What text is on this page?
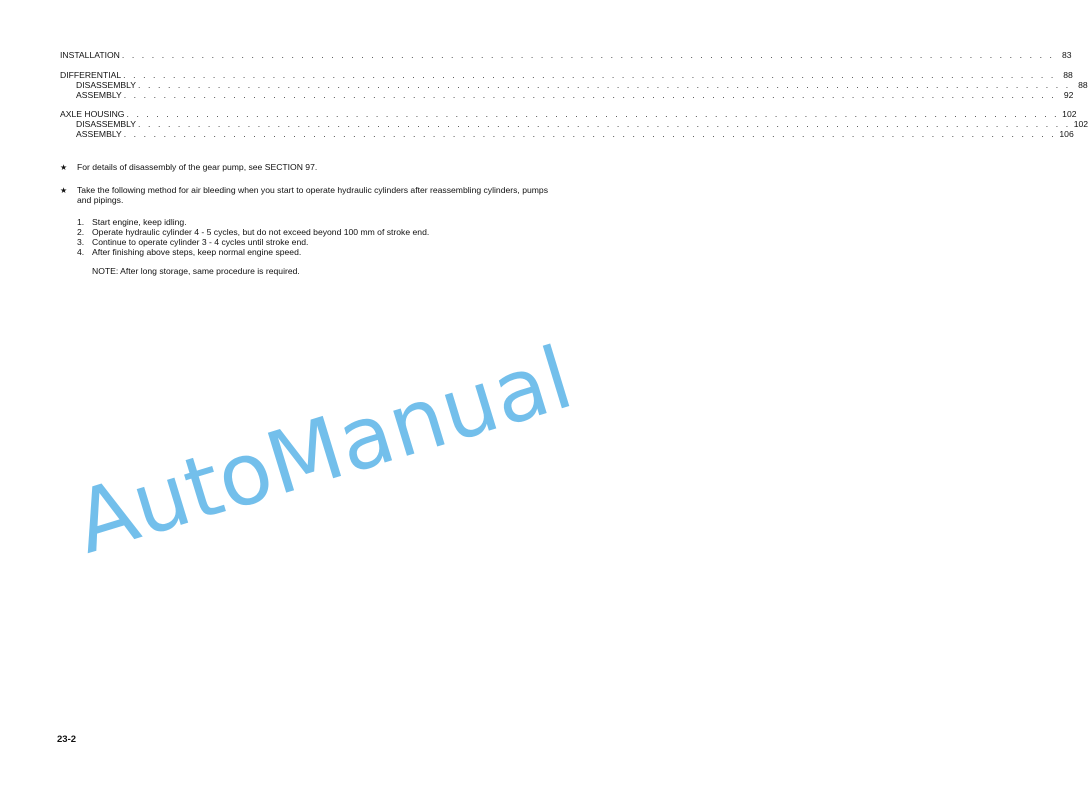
INSTALLATION . . . . . . . . . . . . . . . . . . . . . . . . . . . . . . . . . . . . . . . . . . . . . . . . . . . . . . . . . . . . . . . . . . . . . . . . . . . . . . . . . . . . . . . . . . . . . . 83
DIFFERENTIAL . . . . . . . . . . . . . . . . . . . . . . . . . . . . . . . . . . . . . . . . . . . . . . . . . . . . . . . . . . . . . . . . . . . . . . . . . . . . . . . . . . . . . . . . . . . . . . 88
DISASSEMBLY . . . . . . . . . . . . . . . . . . . . . . . . . . . . . . . . . . . . . . . . . . . . . . . . . . . . . . . . . . . . . . . . . . . . . . . . . . . . . . . . . . . . . . . . . . . . . . 88
ASSEMBLY . . . . . . . . . . . . . . . . . . . . . . . . . . . . . . . . . . . . . . . . . . . . . . . . . . . . . . . . . . . . . . . . . . . . . . . . . . . . . . . . . . . . . . . . . . . . . . 92
AXLE HOUSING . . . . . . . . . . . . . . . . . . . . . . . . . . . . . . . . . . . . . . . . . . . . . . . . . . . . . . . . . . . . . . . . . . . . . . . . . . . . . . . . . . . . . . . . . . . . . . 102
DISASSEMBLY . . . . . . . . . . . . . . . . . . . . . . . . . . . . . . . . . . . . . . . . . . . . . . . . . . . . . . . . . . . . . . . . . . . . . . . . . . . . . . . . . . . . . . . . . . . . . . 102
ASSEMBLY . . . . . . . . . . . . . . . . . . . . . . . . . . . . . . . . . . . . . . . . . . . . . . . . . . . . . . . . . . . . . . . . . . . . . . . . . . . . . . . . . . . . . . . . . . . . . . 106
★ For details of disassembly of the gear pump, see SECTION 97.
★ Take the following method for air bleeding when you start to operate hydraulic cylinders after reassembling cylinders, pumps and pipings.
1. Start engine, keep idling.
2. Operate hydraulic cylinder 4 - 5 cycles, but do not exceed beyond 100 mm of stroke end.
3. Continue to operate cylinder 3 - 4 cycles until stroke end.
4. After finishing above steps, keep normal engine speed.
NOTE: After long storage, same procedure is required.
AutoManual
23-2
